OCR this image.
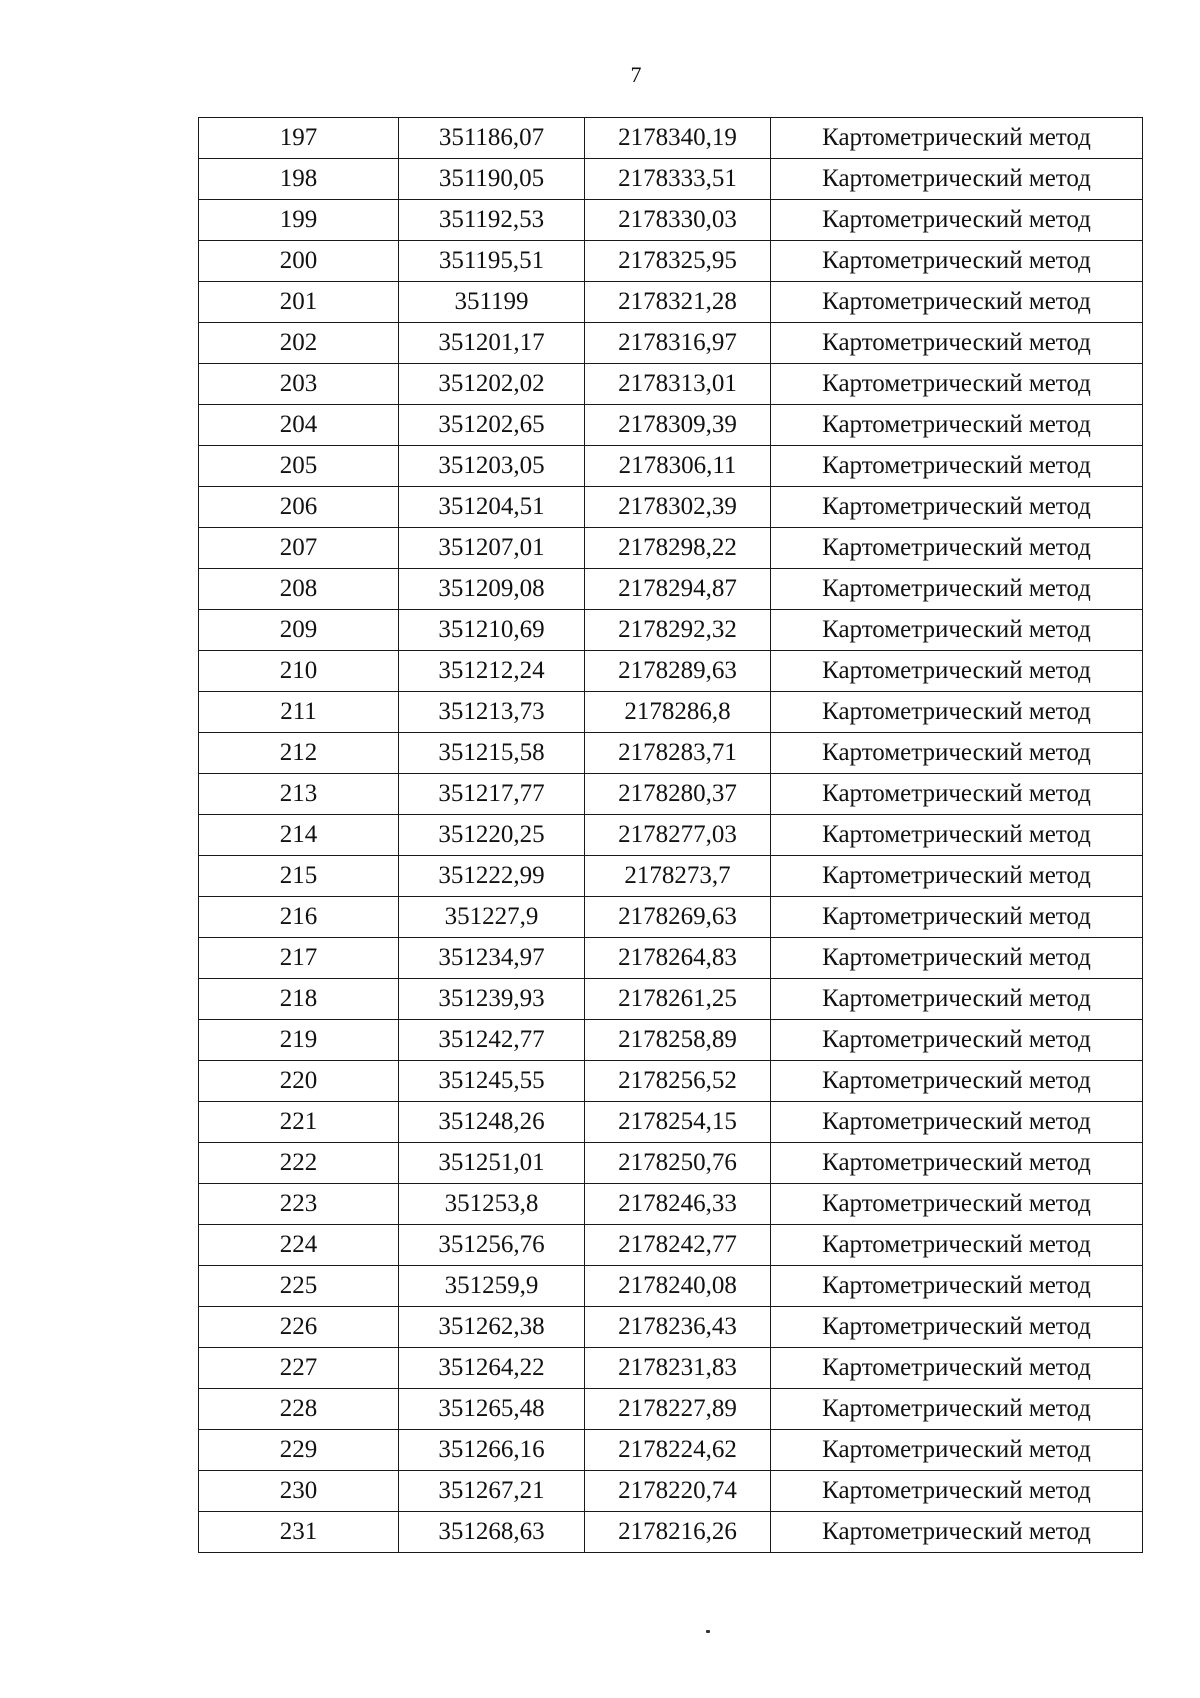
7
197	351186,07	2178340,19	Картометрический метод
198	351190,05	2178333,51	Картометрический метод
199	351192,53	2178330,03	Картометрический метод
200	351195,51	2178325,95	Картометрический метод
201	351199	2178321,28	Картометрический метод
202	351201,17	2178316,97	Картометрический метод
203	351202,02	2178313,01	Картометрический метод
204	351202,65	2178309,39	Картометрический метод
205	351203,05	2178306,11	Картометрический метод
206	351204,51	2178302,39	Картометрический метод
207	351207,01	2178298,22	Картометрический метод
208	351209,08	2178294,87	Картометрический метод
209	351210,69	2178292,32	Картометрический метод
210	351212,24	2178289,63	Картометрический метод
211	351213,73	2178286,8	Картометрический метод
212	351215,58	2178283,71	Картометрический метод
213	351217,77	2178280,37	Картометрический метод
214	351220,25	2178277,03	Картометрический метод
215	351222,99	2178273,7	Картометрический метод
216	351227,9	2178269,63	Картометрический метод
217	351234,97	2178264,83	Картометрический метод
218	351239,93	2178261,25	Картометрический метод
219	351242,77	2178258,89	Картометрический метод
220	351245,55	2178256,52	Картометрический метод
221	351248,26	2178254,15	Картометрический метод
222	351251,01	2178250,76	Картометрический метод
223	351253,8	2178246,33	Картометрический метод
224	351256,76	2178242,77	Картометрический метод
225	351259,9	2178240,08	Картометрический метод
226	351262,38	2178236,43	Картометрический метод
227	351264,22	2178231,83	Картометрический метод
228	351265,48	2178227,89	Картометрический метод
229	351266,16	2178224,62	Картометрический метод
230	351267,21	2178220,74	Картометрический метод
231	351268,63	2178216,26	Картометрический метод
